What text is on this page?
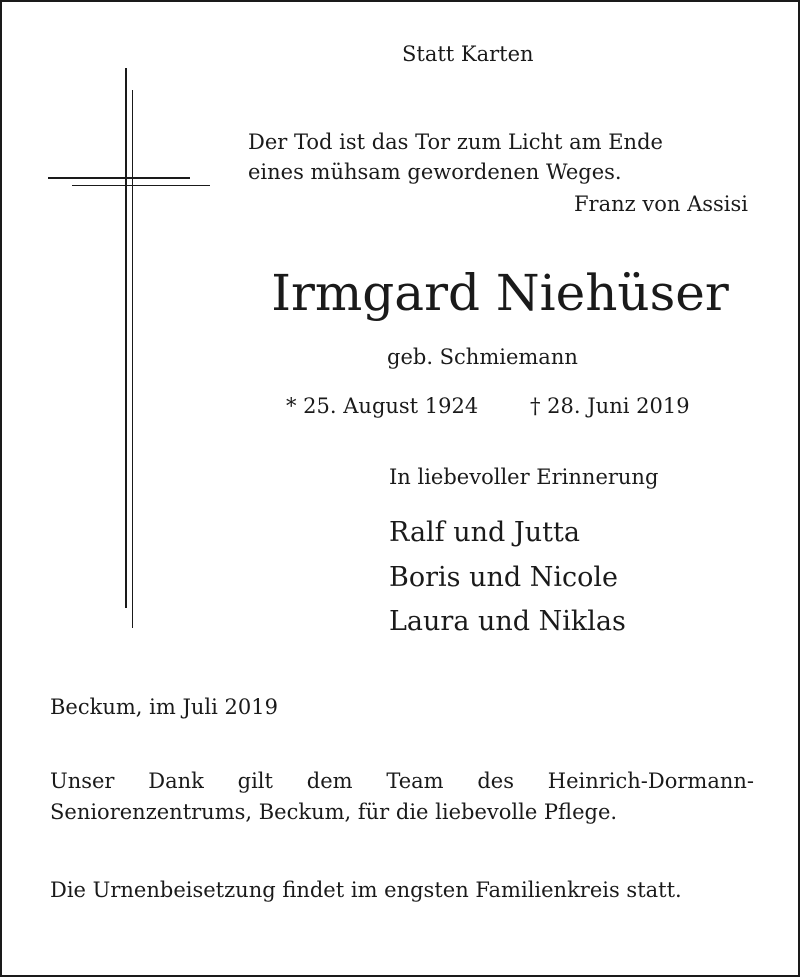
Statt Karten
Der Tod ist das Tor zum Licht am Ende
eines mühsam gewordenen Weges.
Franz von Assisi
Irmgard Niehüser
geb. Schmiemann
* 25. August 1924 † 28. Juni 2019
In liebevoller Erinnerung
Ralf und Jutta
Boris und Nicole
Laura und Niklas
Beckum, im Juli 2019
Unser Dank gilt dem Team des Heinrich-Dormann-Seniorenzentrums, Beckum, für die liebevolle Pflege.
Die Urnenbeisetzung findet im engsten Familienkreis statt.
